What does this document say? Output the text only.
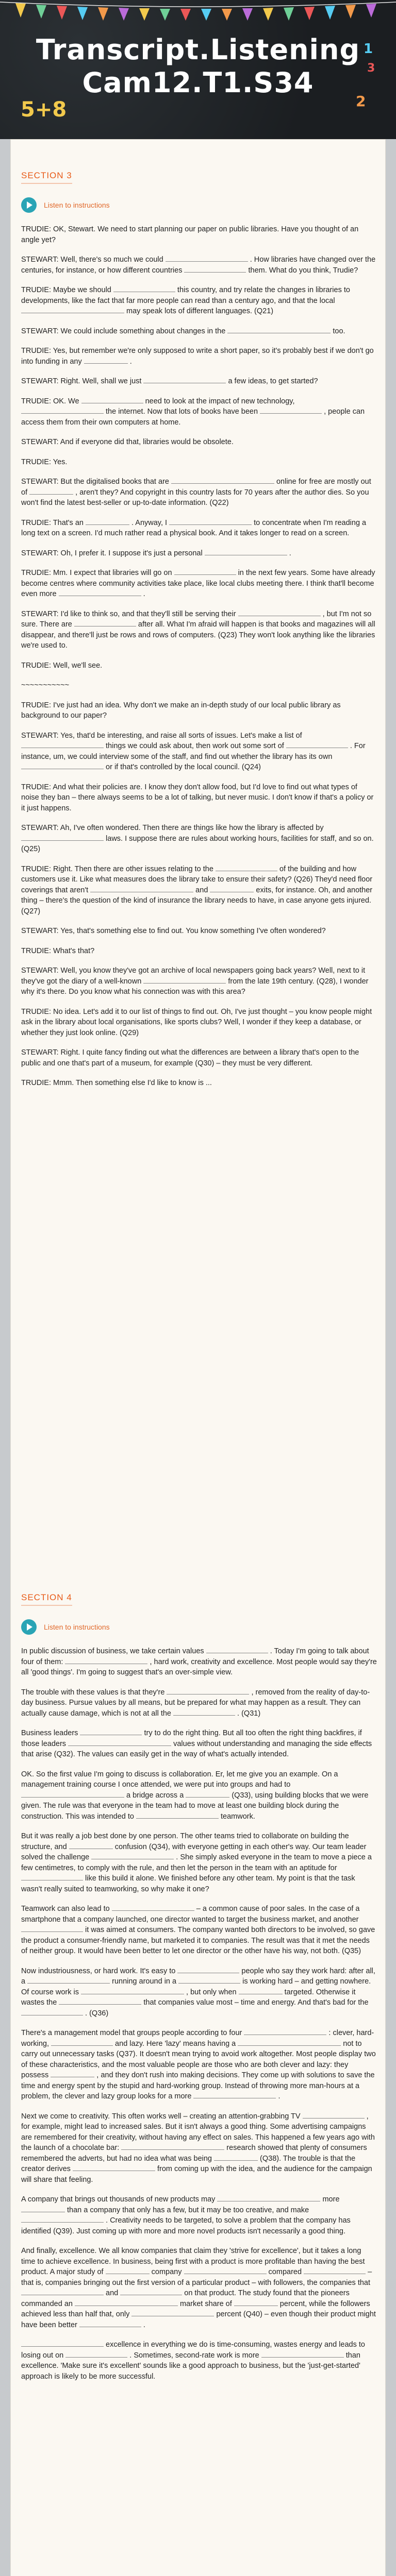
Transcript.Listening
Cam12.T1.S34
5+8
1
3
2
SECTION 3
Listen to instructions
TRUDIE: OK, Stewart. We need to start planning our paper on public libraries. Have you thought of an angle yet?
STEWART: Well, there's so much we could	. How libraries have changed over the centuries, for instance, or how different countries	them. What do you think, Trudie?
TRUDIE: Maybe we should	this country, and try relate the changes in libraries to developments, like the fact that far more people can read than a century ago, and that the local  may speak lots of different languages. (Q21)
STEWART: We could include something about changes in the	too.
TRUDIE: Yes, but remember we're only supposed to write a short paper, so it's probably best if we don't go into funding in any	.
STEWART: Right. Well, shall we just	a few ideas, to get started?
TRUDIE: OK. We	need to look at the impact of new technology,  the internet. Now that lots of books have been	, people can access them from their own computers at home.
STEWART: And if everyone did that, libraries would be obsolete.
TRUDIE: Yes.
STEWART: But the digitalised books that are	online for free are mostly out of	, aren't they? And copyright in this country lasts for 70 years after the author dies. So you won't find the latest best-seller or up-to-date information. (Q22)
TRUDIE: That's an	. Anyway, I	to concentrate when I'm reading a long text on a screen. I'd much rather read a physical book. And it takes longer to read on a screen.
STEWART: Oh, I prefer it. I suppose it's just a personal	.
TRUDIE: Mm. I expect that libraries will go on	in the next few years. Some have already become centres where community activities take place, like local clubs meeting there. I think that'll become even more	.
STEWART: I'd like to think so, and that they'll still be serving their	, but I'm not so sure. There are	after all. What I'm afraid will happen is that books and magazines will all disappear, and there'll just be rows and rows of computers. (Q23) They won't look anything like the libraries we're used to.
TRUDIE: Well, we'll see.
~~~~~~~~~~~
TRUDIE: I've just had an idea. Why don't we make an in-depth study of our local public library as background to our paper?
STEWART: Yes, that'd be interesting, and raise all sorts of issues. Let's make a list of  things we could ask about, then work out some sort of	. For instance, um, we could interview some of the staff, and find out whether the library has its own  or if that's controlled by the local council. (Q24)
TRUDIE: And what their policies are. I know they don't allow food, but I'd love to find out what types of noise they ban – there always seems to be a lot of talking, but never music. I don't know if that's a policy or it just happens.
STEWART: Ah, I've often wondered. Then there are things like how the library is affected by  laws. I suppose there are rules about working hours, facilities for staff, and so on. (Q25)
TRUDIE: Right. Then there are other issues relating to the	of the building and how customers use it. Like what measures does the library take to ensure their safety? (Q26) They'd need floor coverings that aren't	and	exits, for instance. Oh, and another thing – there's the question of the kind of insurance the library needs to have, in case anyone gets injured. (Q27)
STEWART: Yes, that's something else to find out. You know something I've often wondered?
TRUDIE: What's that?
STEWART: Well, you know they've got an archive of local newspapers going back years? Well, next to it they've got the diary of a well-known	from the late 19th century. (Q28), I wonder why it's there. Do you know what his connection was with this area?
TRUDIE: No idea. Let's add it to our list of things to find out. Oh, I've just thought – you know people might ask in the library about local organisations, like sports clubs? Well, I wonder if they keep a database, or whether they just look online. (Q29)
STEWART: Right. I quite fancy finding out what the differences are between a library that's open to the public and one that's part of a museum, for example (Q30) – they must be very different.
TRUDIE: Mmm. Then something else I'd like to know is ...
SECTION 4
Listen to instructions
In public discussion of business, we take certain values	. Today I'm going to talk about four of them:	, hard work, creativity and excellence. Most people would say they're all 'good things'. I'm going to suggest that's an over-simple view.
The trouble with these values is that they're	, removed from the reality of day-to-day business. Pursue values by all means, but be prepared for what may happen as a result. They can actually cause damage, which is not at all the	. (Q31)
Business leaders	try to do the right thing. But all too often the right thing backfires, if those leaders	values without understanding and managing the side effects that arise (Q32). The values can easily get in the way of what's actually intended.
OK. So the first value I'm going to discuss is collaboration. Er, let me give you an example. On a management training course I once attended, we were put into groups and had to  a bridge across a	(Q33), using building blocks that we were given. The rule was that everyone in the team had to move at least one building block during the construction. This was intended to	teamwork.
But it was really a job best done by one person. The other teams tried to collaborate on building the structure, and	confusion (Q34), with everyone getting in each other's way. Our team leader solved the challenge	. She simply asked everyone in the team to move a piece a few centimetres, to comply with the rule, and then let the person in the team with an aptitude for  like this build it alone. We finished before any other team. My point is that the task wasn't really suited to teamworking, so why make it one?
Teamwork can also lead to	– a common cause of poor sales. In the case of a smartphone that a company launched, one director wanted to target the business market, and another  it was aimed at consumers. The company wanted both directors to be involved, so gave the product a consumer-friendly name, but marketed it to companies. The result was that it met the needs of neither group. It would have been better to let one director or the other have his way, not both. (Q35)
Now industriousness, or hard work. It's easy to	people who say they work hard: after all, a	running around in a	is working hard – and getting nowhere. Of course work is	, but only when	targeted. Otherwise it wastes the	that companies value most – time and energy. And that's bad for the  . (Q36)
There's a management model that groups people according to four	: clever, hard-working,	and lazy. Here 'lazy' means having a	not to carry out unnecessary tasks (Q37). It doesn't mean trying to avoid work altogether. Most people display two of these characteristics, and the most valuable people are those who are both clever and lazy: they possess	, and they don't rush into making decisions. They come up with solutions to save the time and energy spent by the stupid and hard-working group. Instead of throwing more man-hours at a problem, the clever and lazy group looks for a more	.
Next we come to creativity. This often works well – creating an attention-grabbing TV	, for example, might lead to increased sales. But it isn't always a good thing. Some advertising campaigns are remembered for their creativity, without having any effect on sales. This happened a few years ago with the launch of a chocolate bar:	research showed that plenty of consumers remembered the adverts, but had no idea what was being	(Q38). The trouble is that the creator derives	from coming up with the idea, and the audience for the campaign will share that feeling.
A company that brings out thousands of new products may	more  than a company that only has a few, but it may be too creative, and make  . Creativity needs to be targeted, to solve a problem that the company has identified (Q39). Just coming up with more and more novel products isn't necessarily a good thing.
And finally, excellence. We all know companies that claim they 'strive for excellence', but it takes a long time to achieve excellence. In business, being first with a product is more profitable than having the best product. A major study of	company	compared	– that is, companies bringing out the first version of a particular product – with followers, the companies that  and	on that product. The study found that the pioneers commanded an	market share of	percent, while the followers achieved less than half that, only	percent (Q40) – even though their product might have been better	.
excellence in everything we do is time-consuming, wastes energy and leads to losing out on	. Sometimes, second-rate work is more	than excellence. 'Make sure it's excellent' sounds like a good approach to business, but the 'just-get-started' approach is likely to be more successful.
